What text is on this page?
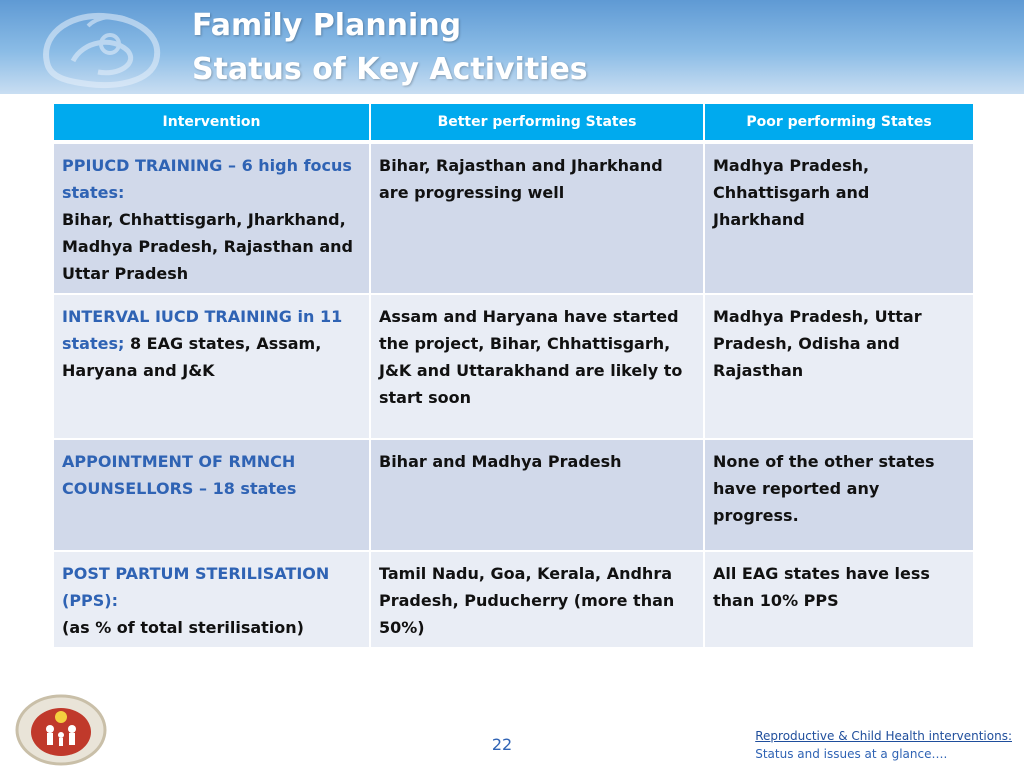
Family Planning
Status of Key Activities
Intervention	Better performing States	Poor performing States
PPIUCD TRAINING – 6 high focus states:
Bihar, Chhattisgarh, Jharkhand, Madhya Pradesh, Rajasthan and Uttar Pradesh	Bihar, Rajasthan and Jharkhand are progressing well	Madhya Pradesh, Chhattisgarh and Jharkhand
INTERVAL IUCD TRAINING in 11 states; 8 EAG states, Assam, Haryana and J&K	Assam and Haryana have started the project, Bihar, Chhattisgarh, J&K and Uttarakhand are likely to start soon	Madhya Pradesh, Uttar Pradesh, Odisha and Rajasthan
APPOINTMENT OF RMNCH COUNSELLORS – 18 states	Bihar and Madhya Pradesh	None of the other states have reported any progress.
POST PARTUM STERILISATION (PPS):
(as % of total sterilisation)	Tamil Nadu, Goa, Kerala, Andhra Pradesh, Puducherry (more than 50%)	All EAG states have less than 10% PPS
22	Reproductive & Child Health interventions:
Status and issues at a glance….
